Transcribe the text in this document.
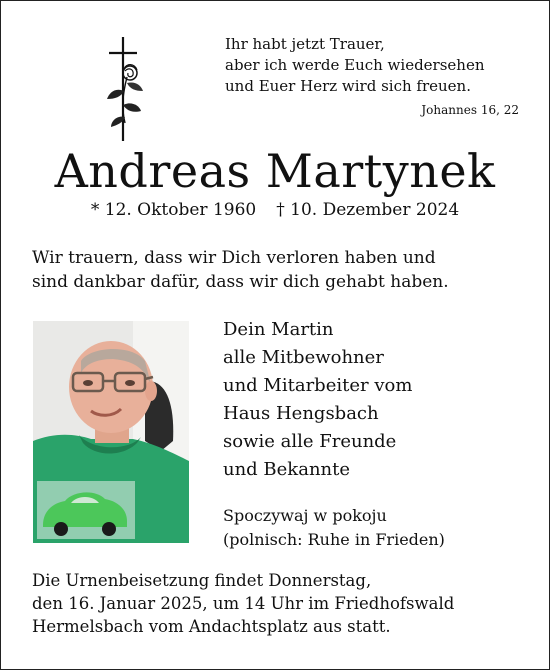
Ihr habt jetzt Trauer,
aber ich werde Euch wiedersehen
und Euer Herz wird sich freuen.
Johannes 16, 22
Andreas Martynek
* 12. Oktober 1960 † 10. Dezember 2024
Wir trauern, dass wir Dich verloren haben und
sind dankbar dafür, dass wir dich gehabt haben.
Dein Martin
alle Mitbewohner
und Mitarbeiter vom
Haus Hengsbach
sowie alle Freunde
und Bekannte
Spoczywaj w pokoju
(polnisch: Ruhe in Frieden)
Die Urnenbeisetzung findet Donnerstag,
den 16. Januar 2025, um 14 Uhr im Friedhofswald
Hermelsbach vom Andachtsplatz aus statt.
